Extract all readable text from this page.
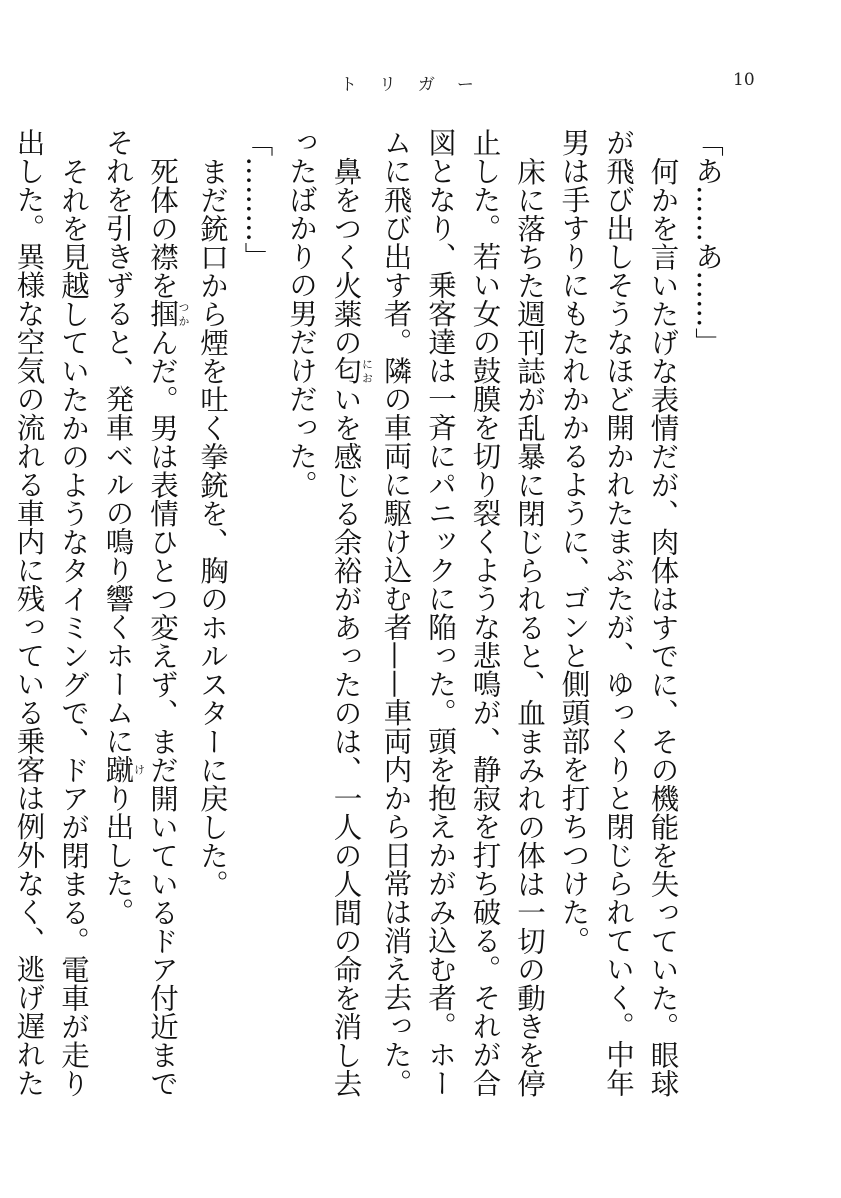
トリガー	10

「あ……あ……」

何かを言いたげな表情だが、肉体はすでに、その機能を失っていた。眼球が飛び出しそうなほど開かれたまぶたが、ゆっくりと閉じられていく。中年男は手すりにもたれかかるように、ゴンと側頭部を打ちつけた。

床に落ちた週刊誌が乱暴に閉じられると、血まみれの体は一切の動きを停止した。若い女の鼓膜を切り裂くような悲鳴が、静寂を打ち破る。それが合図となり、乗客達は一斉にパニックに陥った。頭を抱えかがみ込む者。ホームに飛び出す者。隣の車両に駆け込む者——車両内から日常は消え去った。

鼻をつく火薬の匂においを感じる余裕があったのは、一人の人間の命を消し去ったばかりの男だけだった。

「………」

まだ銃口から煙を吐く拳銃を、胸のホルスターに戻した。

死体の襟を掴つかんだ。男は表情ひとつ変えず、まだ開いているドア付近までそれを引きずると、発車ベルの鳴り響くホームに蹴けり出した。

それを見越していたかのようなタイミングで、ドアが閉まる。電車が走り出した。異様な空気の流れる車内に残っている乗客は例外なく、逃げ遅れた
